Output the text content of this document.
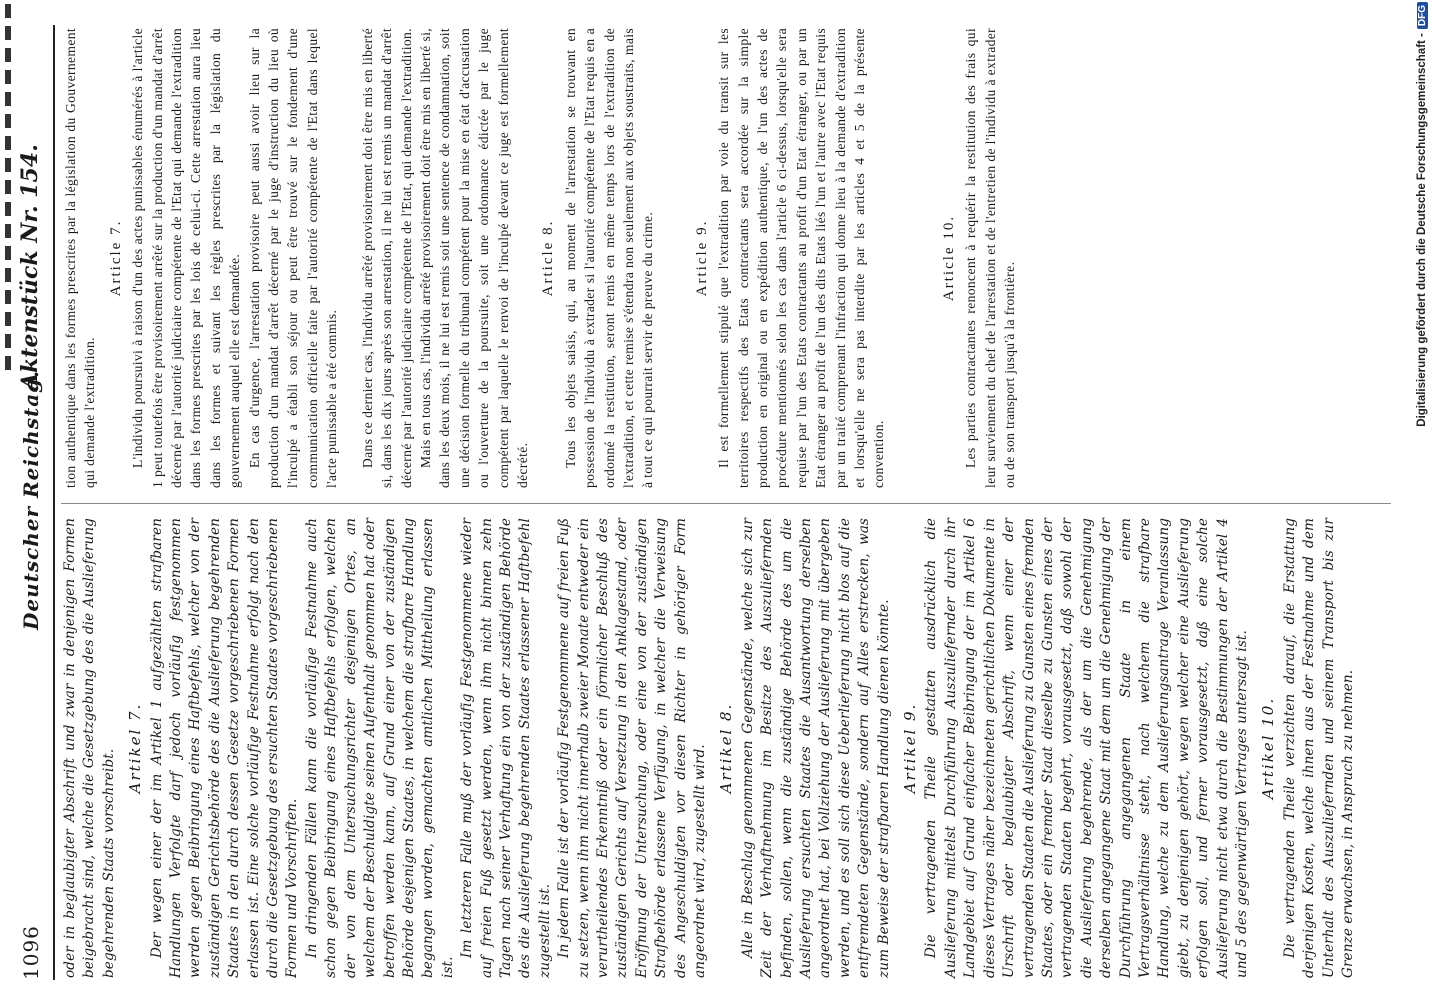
1096
Deutscher Reichstag.
Aktenstück Nr. 154.

oder in beglaubigter Abschrift und zwar in denjenigen Formen beigebracht sind, welche die Gesetzgebung des die Auslieferung begehrenden Staats vorschreibt.

Artikel 7. Der wegen einer der im Artikel 1 aufgezählten strafbaren Handlungen Verfolgte darf jedoch vorläufig festgenommen werden gegen Beibringung eines Haftbefehls, welcher von der zuständigen Gerichtsbehörde des die Auslieferung begehrenden Staates in den durch dessen Gesetze vorgeschriebenen Formen erlassen ist. Eine solche vorläufige Festnahme erfolgt nach den durch die Gesetzgebung des ersuchten Staates vorgeschriebenen Formen und Vorschriften. In dringenden Fällen kann die vorläufige Festnahme auch schon gegen Beibringung eines Haftbefehls erfolgen, welchen der von dem Untersuchungsrichter desjenigen Ortes, an welchem der Beschuldigte seinen Aufenthalt genommen hat oder betroffen werden kann, auf Grund einer von der zuständigen Behörde desjenigen Staates, in welchem die strafbare Handlung begangen worden, gemachten amtlichen Mittheilung erlassen ist.

Im letzteren Falle muß der vorläufig Festgenommene wieder auf freien Fuß gesetzt werden, wenn ihm nicht binnen zehn Tagen nach seiner Verhaftung ein von der zuständigen Behörde des die Auslieferung begehrenden Staates erlassener Haftbefehl zugestellt ist. In jedem Falle ist der vorläufig Festgenommene auf freien Fuß zu setzen, wenn ihm nicht innerhalb zweier Monate entweder ein verurtheilendes Erkenntniß oder ein förmlicher Beschluß des zuständigen Gerichts auf Versetzung in den Anklagestand, oder Eröffnung der Untersuchung, oder eine von der zuständigen Strafbehörde erlassene Verfügung, in welcher die Verweisung des Angeschuldigten vor diesen Richter in gehöriger Form angeordnet wird, zugestellt wird. Artikel 8. Alle in Beschlag genommenen Gegenstände, welche sich zur Zeit der Verhaftnehmung im Besitze des Auszuliefernden befinden, sollen, wenn die zuständige Behörde des um die Auslieferung ersuchten Staates die Ausantwortung derselben angeordnet hat, bei Vollziehung der Auslieferung mit übergeben werden, und es soll sich diese Ueberlieferung nicht blos auf die entfremdeten Gegenstände, sondern auf Alles erstrecken, was zum Beweise der strafbaren Handlung dienen könnte. Artikel 9. Die vertragenden Theile gestatten ausdrücklich die Auslieferung mittelst Durchführung Auszuliefernder durch ihr Landgebiet auf Grund einfacher Beibringung der im Artikel 6 dieses Vertrages näher bezeichneten gerichtlichen Dokumente in Urschrift oder beglaubigter Abschrift, wenn einer der vertragenden Staaten die Auslieferung zu Gunsten eines fremden Staates, oder ein fremder Staat dieselbe zu Gunsten eines der vertragenden Staaten begehrt, vorausgesetzt, daß sowohl der die Auslieferung begehrende, als der um die Genehmigung derselben angegangene Staat mit dem um die Genehmigung der Durchführung angegangenen Staate in einem Vertragsverhältnisse steht, nach welchem die strafbare Handlung, welche zu dem Auslieferungsantrage Veranlassung giebt, zu denjenigen gehört, wegen welcher eine Auslieferung erfolgen soll, und ferner vorausgesetzt, daß eine solche Auslieferung nicht etwa durch die Bestimmungen der Artikel 4 und 5 des gegenwärtigen Vertrages untersagt ist. Artikel 10. Die vertragenden Theile verzichten darauf, die Erstattung derjenigen Kosten, welche ihnen aus der Festnahme und dem Unterhalt des Auszuliefernden und seinem Transport bis zur Grenze erwachsen, in Anspruch zu nehmen.

tion authentique dans les formes prescrites par la législation du Gouvernement qui demande l'extradition.

Article 7. L'individu poursuivi à raison d'un des actes punissables énumérés à l'article 1 peut toutefois être provisoirement arrêté sur la production d'un mandat d'arrêt décerné par l'autorité judiciaire compétente de l'Etat qui demande l'extradition dans les formes prescrites par les lois de celui-ci. Cette arrestation aura lieu dans les formes et suivant les règles prescrites par la législation du gouvernement auquel elle est demandée. En cas d'urgence, l'arrestation provisoire peut aussi avoir lieu sur la production d'un mandat d'arrêt décerné par le juge d'instruction du lieu où l'inculpé a établi son séjour ou peut être trouvé sur le fondement d'une communication officielle faite par l'autorité compétente de l'Etat dans lequel l'acte punissable a été commis. Dans ce dernier cas, l'individu arrêté provisoirement doit être mis en liberté si, dans les dix jours après son arrestation, il ne lui est remis un mandat d'arrêt décerné par l'autorité judiciaire compétente de l'Etat, qui demande l'extradition. Mais en tous cas, l'individu arrêté provisoirement doit être mis en liberté si, dans les deux mois, il ne lui est remis soit une sentence de condamnation, soit une décision formelle du tribunal compétent pour la mise en état d'accusation ou l'ouverture de la poursuite, soit une ordonnance édictée par le juge compétent par laquelle le renvoi de l'inculpé devant ce juge est formellement décrété.

Article 8. Tous les objets saisis, qui, au moment de l'arrestation se trouvant en possession de l'individu à extrader si l'autorité compétente de l'Etat requis en a ordonné la restitution, seront remis en même temps lors de l'extradition de l'extradition, et cette remise s'étendra non seulement aux objets soustraits, mais à tout ce qui pourrait servir de preuve du crime.	Article 9. Il est formellement stipulé que l'extradition par voie du transit sur les territoires respectifs des Etats contractants sera accordée sur la simple production en original ou en expédition authentique, de l'un des actes de procédure mentionnés selon les cas dans l'article 6 ci-dessus, lorsqu'elle sera requise par l'un des Etats contractants au profit d'un Etat étranger, ou par un Etat étranger au profit de l'un des dits Etats liés l'un et l'autre avec l'Etat requis par un traité comprenant l'infraction qui donne lieu à la demande d'extradition et lorsqu'elle ne sera pas interdite par les articles 4 et 5 de la présente convention.

Article 10. Les parties contractantes renoncent à requérir la restitution des frais qui leur surviennent du chef de l'arrestation et de l'entretien de l'individu à extrader ou de son transport jusqu'à la frontière.	Digitalisierung gefördert durch die Deutsche Forschungsgemeinschaft -DFG
